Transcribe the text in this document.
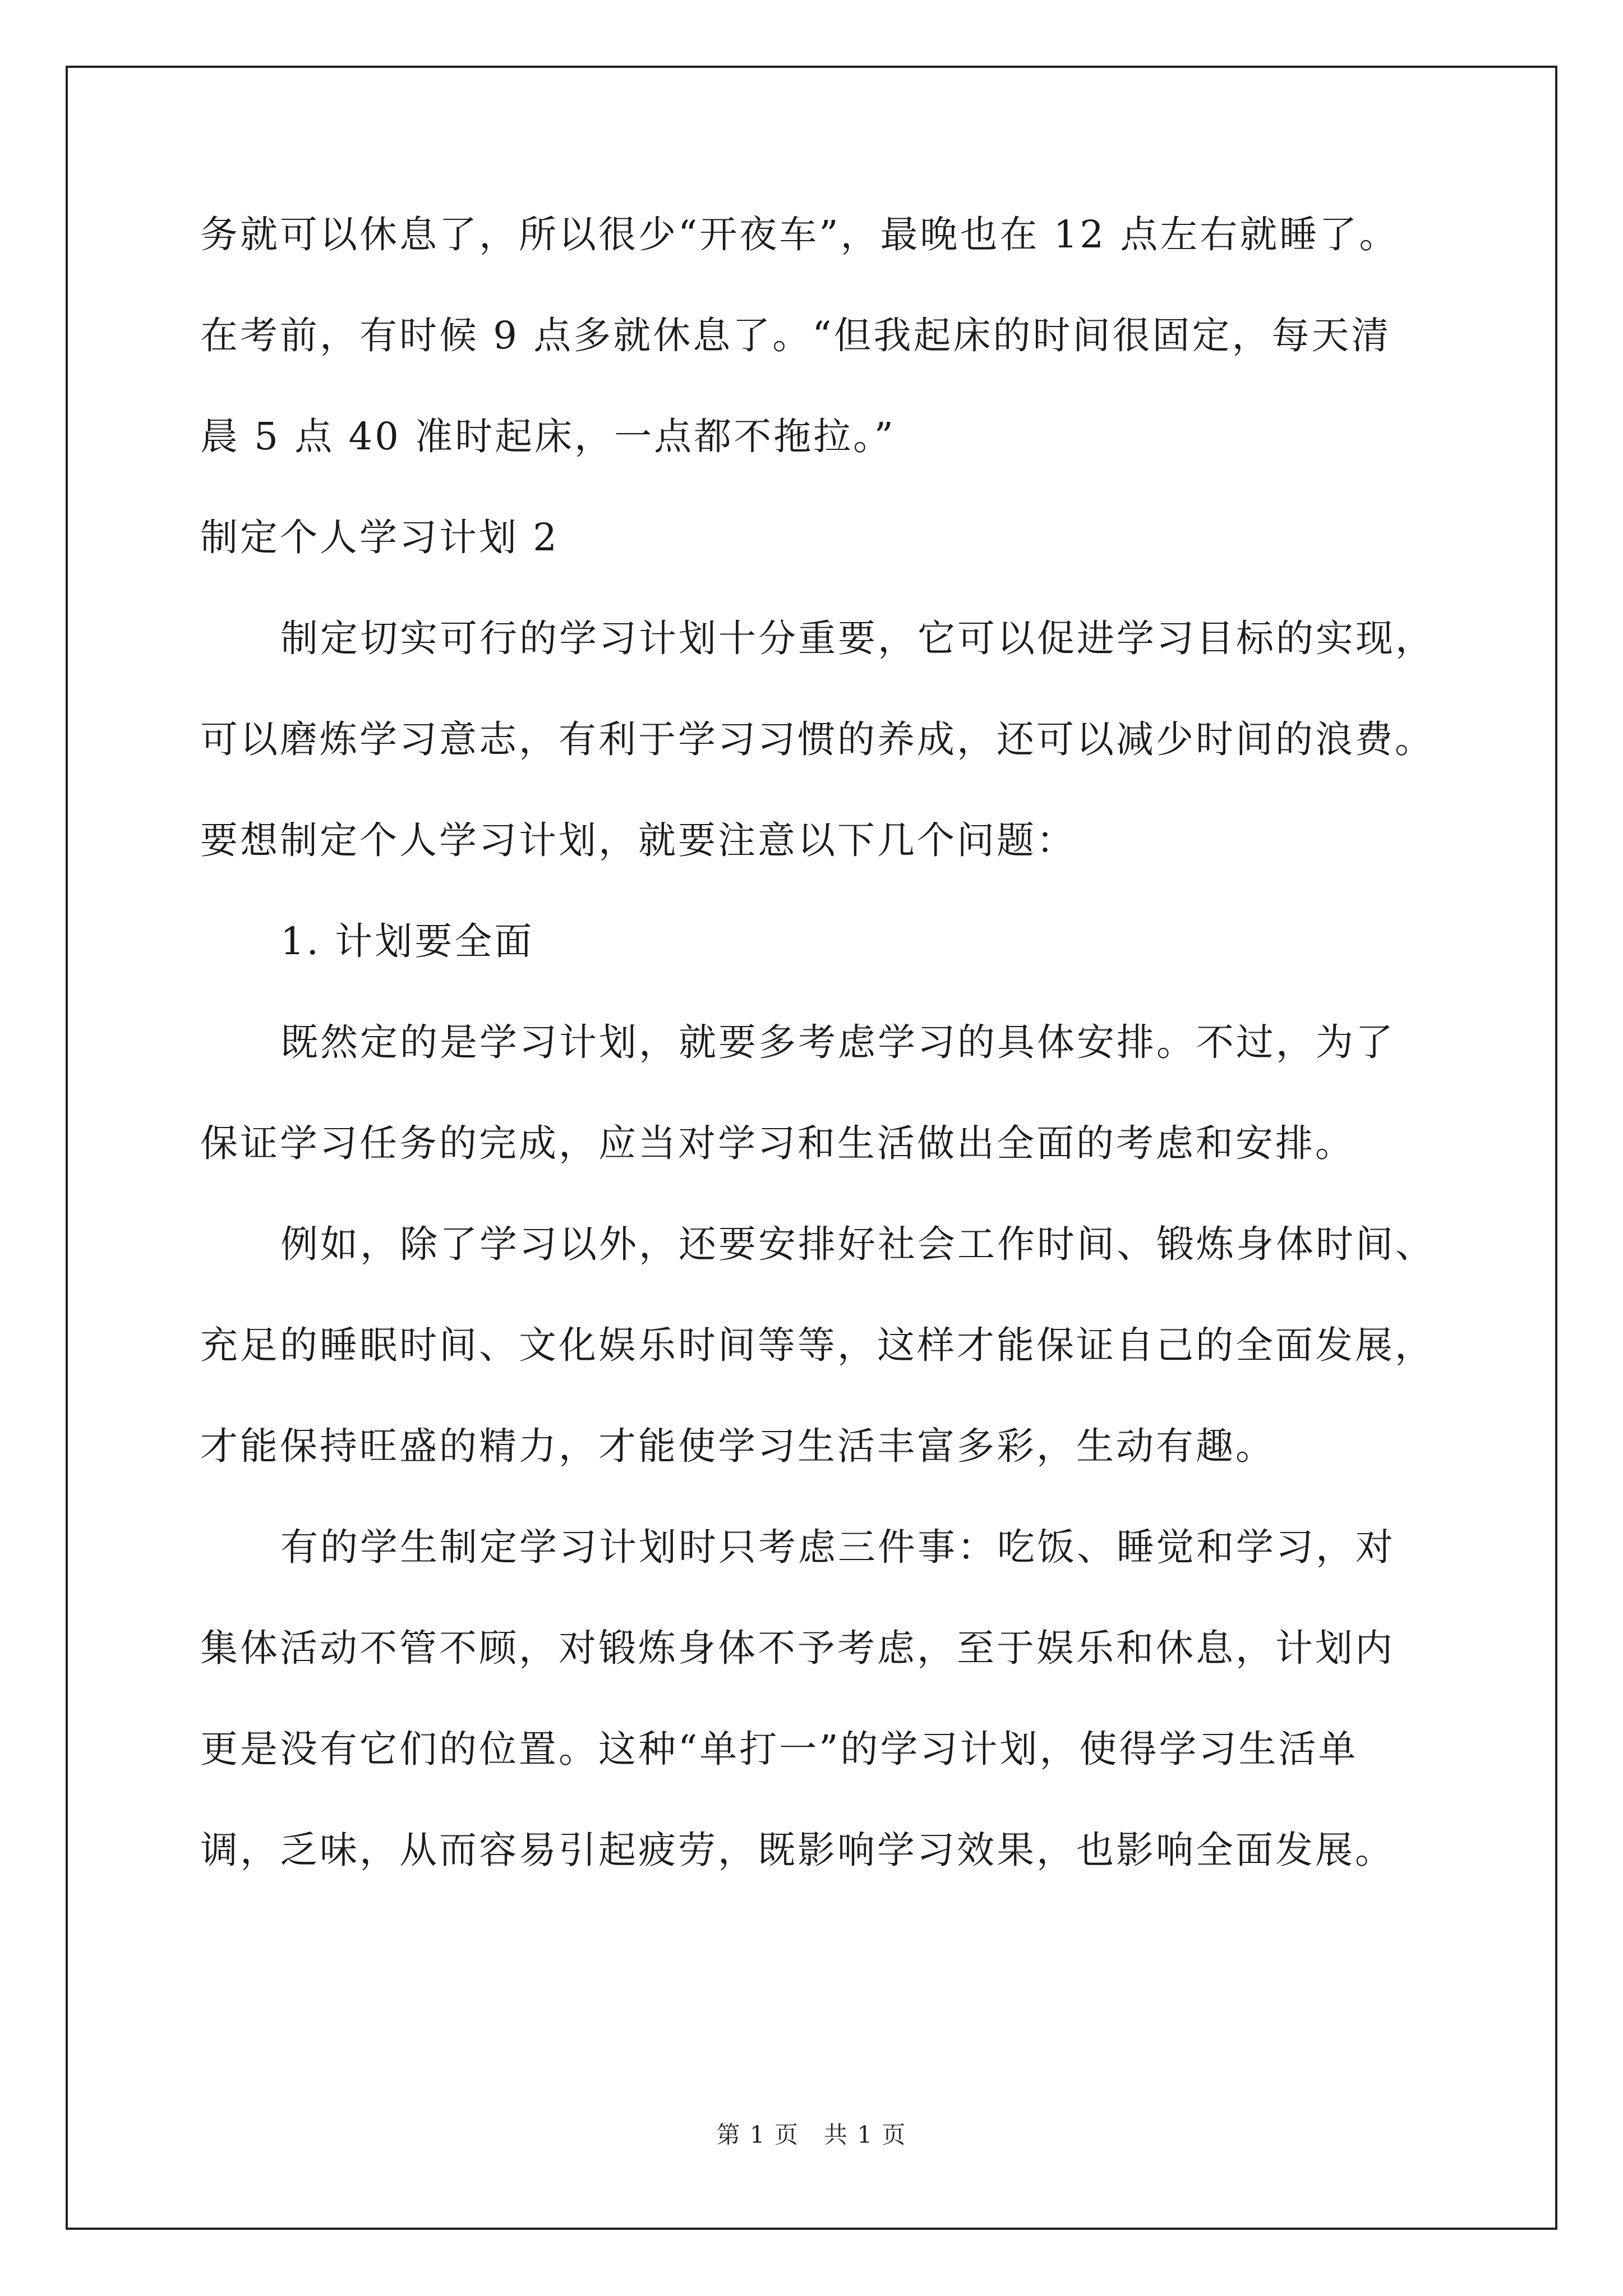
务就可以休息了，所以很少“开夜车”，最晚也在 12 点左右就睡了。
在考前，有时候 9 点多就休息了。“但我起床的时间很固定，每天清
晨 5 点 40 准时起床，一点都不拖拉。”
制定个人学习计划 2
制定切实可行的学习计划十分重要，它可以促进学习目标的实现，
可以磨炼学习意志，有利于学习习惯的养成，还可以减少时间的浪费。
要想制定个人学习计划，就要注意以下几个问题：
1. 计划要全面
既然定的是学习计划，就要多考虑学习的具体安排。不过，为了
保证学习任务的完成，应当对学习和生活做出全面的考虑和安排。
例如，除了学习以外，还要安排好社会工作时间、锻炼身体时间、
充足的睡眠时间、文化娱乐时间等等，这样才能保证自己的全面发展，
才能保持旺盛的精力，才能使学习生活丰富多彩，生动有趣。
有的学生制定学习计划时只考虑三件事：吃饭、睡觉和学习，对
集体活动不管不顾，对锻炼身体不予考虑，至于娱乐和休息，计划内
更是没有它们的位置。这种“单打一”的学习计划，使得学习生活单
调，乏味，从而容易引起疲劳，既影响学习效果，也影响全面发展。
第 1 页　共 1 页
